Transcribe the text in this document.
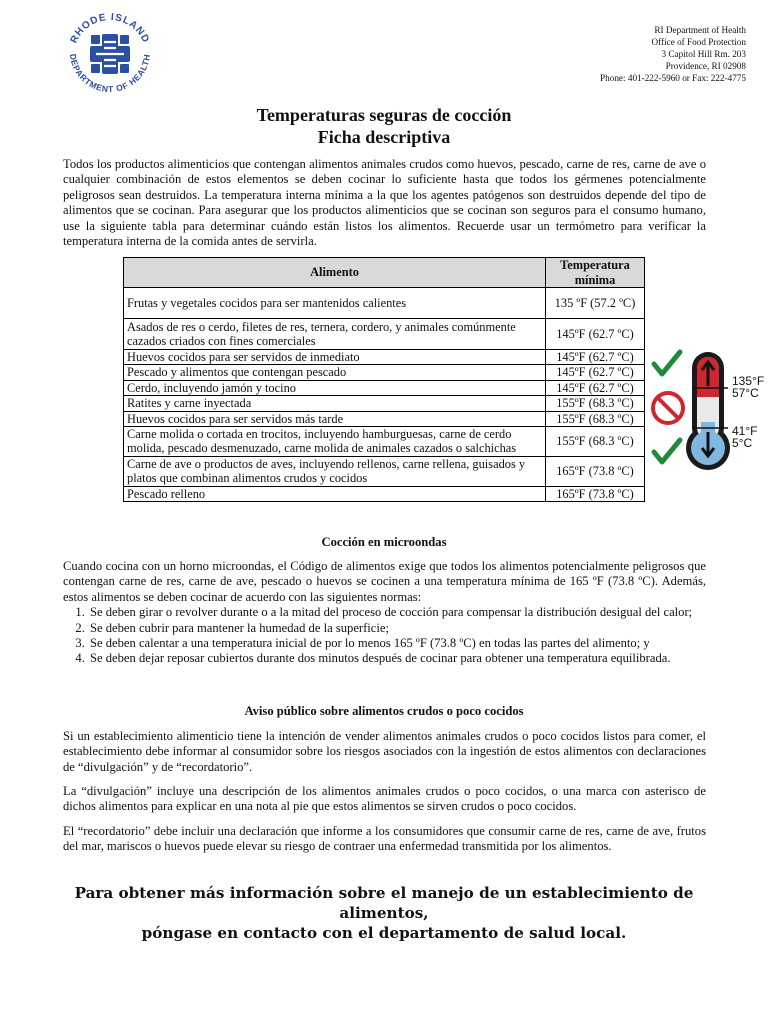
RHODE ISLAND
DEPARTMENT OF HEALTH
RI Department of Health
Office of Food Protection
3 Capitol Hill Rm. 203
Providence, RI 02908
Phone: 401-222-5960 or Fax: 222-4775
Temperaturas seguras de cocción
Ficha descriptiva

Todos los productos alimenticios que contengan alimentos animales crudos como huevos, pescado, carne de res, carne de ave o cualquier combinación de estos elementos se deben cocinar lo suficiente hasta que todos los gérmenes potencialmente peligrosos sean destruidos. La temperatura interna mínima a la que los agentes patógenos son destruidos depende del tipo de alimentos que se cocinan. Para asegurar que los productos alimenticios que se cocinan son seguros para el consumo humano, use la siguiente tabla para determinar cuándo están listos los alimentos. Recuerde usar un termómetro para verificar la temperatura interna de la comida antes de servirla.

Alimento	Temperatura mínima
Frutas y vegetales cocidos para ser mantenidos calientes	135 ºF (57.2 ºC)
Asados de res o cerdo, filetes de res, ternera, cordero, y animales comúnmente cazados criados con fines comerciales	145ºF (62.7 ºC)
Huevos cocidos para ser servidos de inmediato	145ºF (62.7 ºC)
Pescado y alimentos que contengan pescado	145ºF (62.7 ºC)
Cerdo, incluyendo jamón y tocino	145ºF (62.7 ºC)
Ratites y carne inyectada	155ºF (68.3 ºC)
Huevos cocidos para ser servidos más tarde	155ºF (68.3 ºC)
Carne molida o cortada en trocitos, incluyendo hamburguesas, carne de cerdo molida, pescado desmenuzado, carne molida de animales cazados o salchichas	155ºF (68.3 ºC)
Carne de ave o productos de aves, incluyendo rellenos, carne rellena, guisados y platos que combinan alimentos crudos y cocidos	165ºF (73.8 ºC)
Pescado relleno	165ºF (73.8 ºC)
135°F
57°C
41°F
5°C
Cocción en microondas
Cuando cocina con un horno microondas, el Código de alimentos exige que todos los alimentos potencialmente peligrosos que contengan carne de res, carne de ave, pescado o huevos se cocinen a una temperatura mínima de 165 ºF (73.8 ºC). Además, estos alimentos se deben cocinar de acuerdo con las siguientes normas:
1. Se deben girar o revolver durante o a la mitad del proceso de cocción para compensar la distribución desigual del calor;
2. Se deben cubrir para mantener la humedad de la superficie;
3. Se deben calentar a una temperatura inicial de por lo menos 165 ºF (73.8 ºC) en todas las partes del alimento; y
4. Se deben dejar reposar cubiertos durante dos minutos después de cocinar para obtener una temperatura equilibrada.
Aviso público sobre alimentos crudos o poco cocidos

Si un establecimiento alimenticio tiene la intención de vender alimentos animales crudos o poco cocidos listos para comer, el establecimiento debe informar al consumidor sobre los riesgos asociados con la ingestión de estos alimentos con declaraciones de “divulgación” y de “recordatorio”.

La “divulgación” incluye una descripción de los alimentos animales crudos o poco cocidos, o una marca con asterisco de dichos alimentos para explicar en una nota al pie que estos alimentos se sirven crudos o poco cocidos.

El “recordatorio” debe incluir una declaración que informe a los consumidores que consumir carne de res, carne de ave, frutos del mar, mariscos o huevos puede elevar su riesgo de contraer una enfermedad transmitida por los alimentos.

Para obtener más información sobre el manejo de un establecimiento de alimentos,
póngase en contacto con el departamento de salud local.
